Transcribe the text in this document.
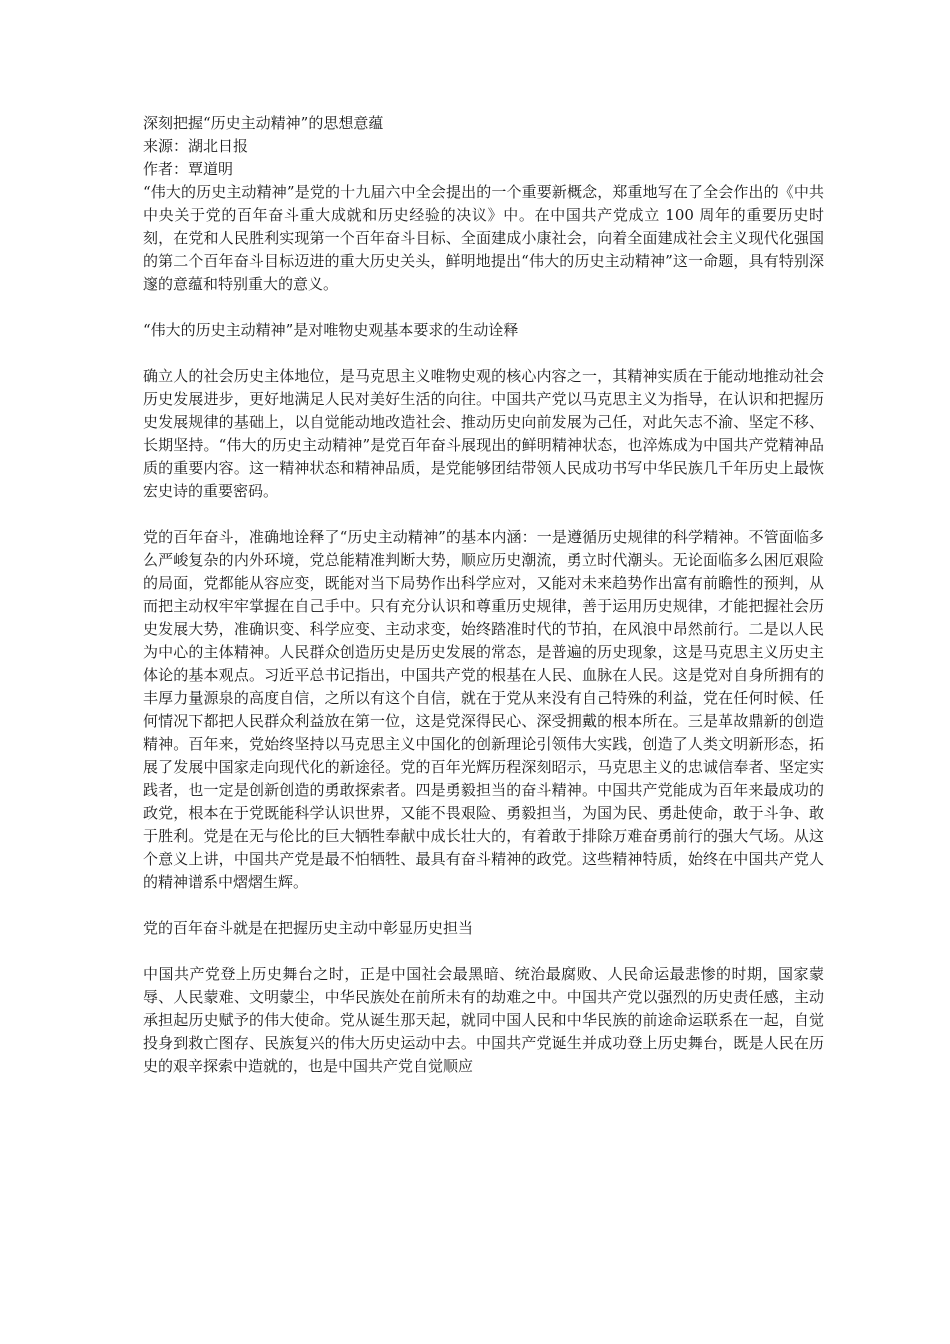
深刻把握“历史主动精神”的思想意蕴

来源：湖北日报

作者：覃道明

“伟大的历史主动精神”是党的十九届六中全会提出的一个重要新概念，郑重地写在了全会作出的《中共中央关于党的百年奋斗重大成就和历史经验的决议》中。在中国共产党成立 100 周年的重要历史时刻，在党和人民胜利实现第一个百年奋斗目标、全面建成小康社会，向着全面建成社会主义现代化强国的第二个百年奋斗目标迈进的重大历史关头，鲜明地提出“伟大的历史主动精神”这一命题，具有特别深邃的意蕴和特别重大的意义。

“伟大的历史主动精神”是对唯物史观基本要求的生动诠释

确立人的社会历史主体地位，是马克思主义唯物史观的核心内容之一，其精神实质在于能动地推动社会历史发展进步，更好地满足人民对美好生活的向往。中国共产党以马克思主义为指导，在认识和把握历史发展规律的基础上，以自觉能动地改造社会、推动历史向前发展为己任，对此矢志不渝、坚定不移、长期坚持。“伟大的历史主动精神”是党百年奋斗展现出的鲜明精神状态，也淬炼成为中国共产党精神品质的重要内容。这一精神状态和精神品质，是党能够团结带领人民成功书写中华民族几千年历史上最恢宏史诗的重要密码。

党的百年奋斗，准确地诠释了“历史主动精神”的基本内涵：一是遵循历史规律的科学精神。不管面临多么严峻复杂的内外环境，党总能精准判断大势，顺应历史潮流，勇立时代潮头。无论面临多么困厄艰险的局面，党都能从容应变，既能对当下局势作出科学应对，又能对未来趋势作出富有前瞻性的预判，从而把主动权牢牢掌握在自己手中。只有充分认识和尊重历史规律，善于运用历史规律，才能把握社会历史发展大势，准确识变、科学应变、主动求变，始终踏准时代的节拍，在风浪中昂然前行。二是以人民为中心的主体精神。人民群众创造历史是历史发展的常态，是普遍的历史现象，这是马克思主义历史主体论的基本观点。习近平总书记指出，中国共产党的根基在人民、血脉在人民。这是党对自身所拥有的丰厚力量源泉的高度自信，之所以有这个自信，就在于党从来没有自己特殊的利益，党在任何时候、任何情况下都把人民群众利益放在第一位，这是党深得民心、深受拥戴的根本所在。三是革故鼎新的创造精神。百年来，党始终坚持以马克思主义中国化的创新理论引领伟大实践，创造了人类文明新形态，拓展了发展中国家走向现代化的新途径。党的百年光辉历程深刻昭示，马克思主义的忠诚信奉者、坚定实践者，也一定是创新创造的勇敢探索者。四是勇毅担当的奋斗精神。中国共产党能成为百年来最成功的政党，根本在于党既能科学认识世界，又能不畏艰险、勇毅担当，为国为民、勇赴使命，敢于斗争、敢于胜利。党是在无与伦比的巨大牺牲奉献中成长壮大的，有着敢于排除万难奋勇前行的强大气场。从这个意义上讲，中国共产党是最不怕牺牲、最具有奋斗精神的政党。这些精神特质，始终在中国共产党人的精神谱系中熠熠生辉。

党的百年奋斗就是在把握历史主动中彰显历史担当

中国共产党登上历史舞台之时，正是中国社会最黑暗、统治最腐败、人民命运最悲惨的时期，国家蒙辱、人民蒙难、文明蒙尘，中华民族处在前所未有的劫难之中。中国共产党以强烈的历史责任感，主动承担起历史赋予的伟大使命。党从诞生那天起，就同中国人民和中华民族的前途命运联系在一起，自觉投身到救亡图存、民族复兴的伟大历史运动中去。中国共产党诞生并成功登上历史舞台，既是人民在历史的艰辛探索中造就的，也是中国共产党自觉顺应
